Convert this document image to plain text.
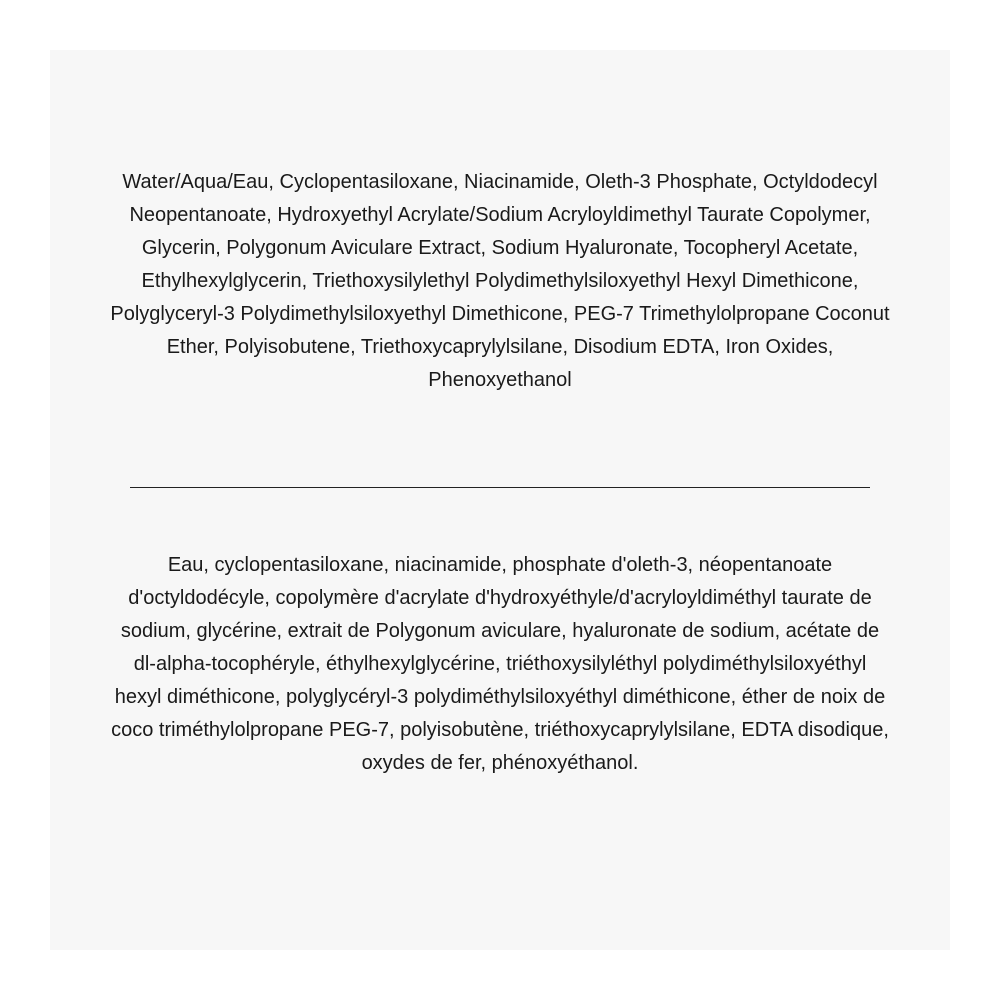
Water/Aqua/Eau, Cyclopentasiloxane, Niacinamide, Oleth-3 Phosphate, Octyldodecyl Neopentanoate, Hydroxyethyl Acrylate/Sodium Acryloyldimethyl Taurate Copolymer, Glycerin, Polygonum Aviculare Extract, Sodium Hyaluronate, Tocopheryl Acetate, Ethylhexylglycerin, Triethoxysilylethyl Polydimethylsiloxyethyl Hexyl Dimethicone, Polyglyceryl-3 Polydimethylsiloxyethyl Dimethicone, PEG-7 Trimethylolpropane Coconut Ether, Polyisobutene, Triethoxycaprylylsilane, Disodium EDTA, Iron Oxides, Phenoxyethanol

Eau, cyclopentasiloxane, niacinamide, phosphate d'oleth-3, néopentanoate d'octyldodécyle, copolymère d'acrylate d'hydroxyéthyle/d'acryloyldiméthyl taurate de sodium, glycérine, extrait de Polygonum aviculare, hyaluronate de sodium, acétate de dl-alpha-tocophéryle, éthylhexylglycérine, triéthoxysilyléthyl polydiméthylsiloxyéthyl hexyl diméthicone, polyglycéryl-3 polydiméthylsiloxyéthyl diméthicone, éther de noix de coco triméthylolpropane PEG-7, polyisobutène, triéthoxycaprylylsilane, EDTA disodique, oxydes de fer, phénoxyéthanol.
